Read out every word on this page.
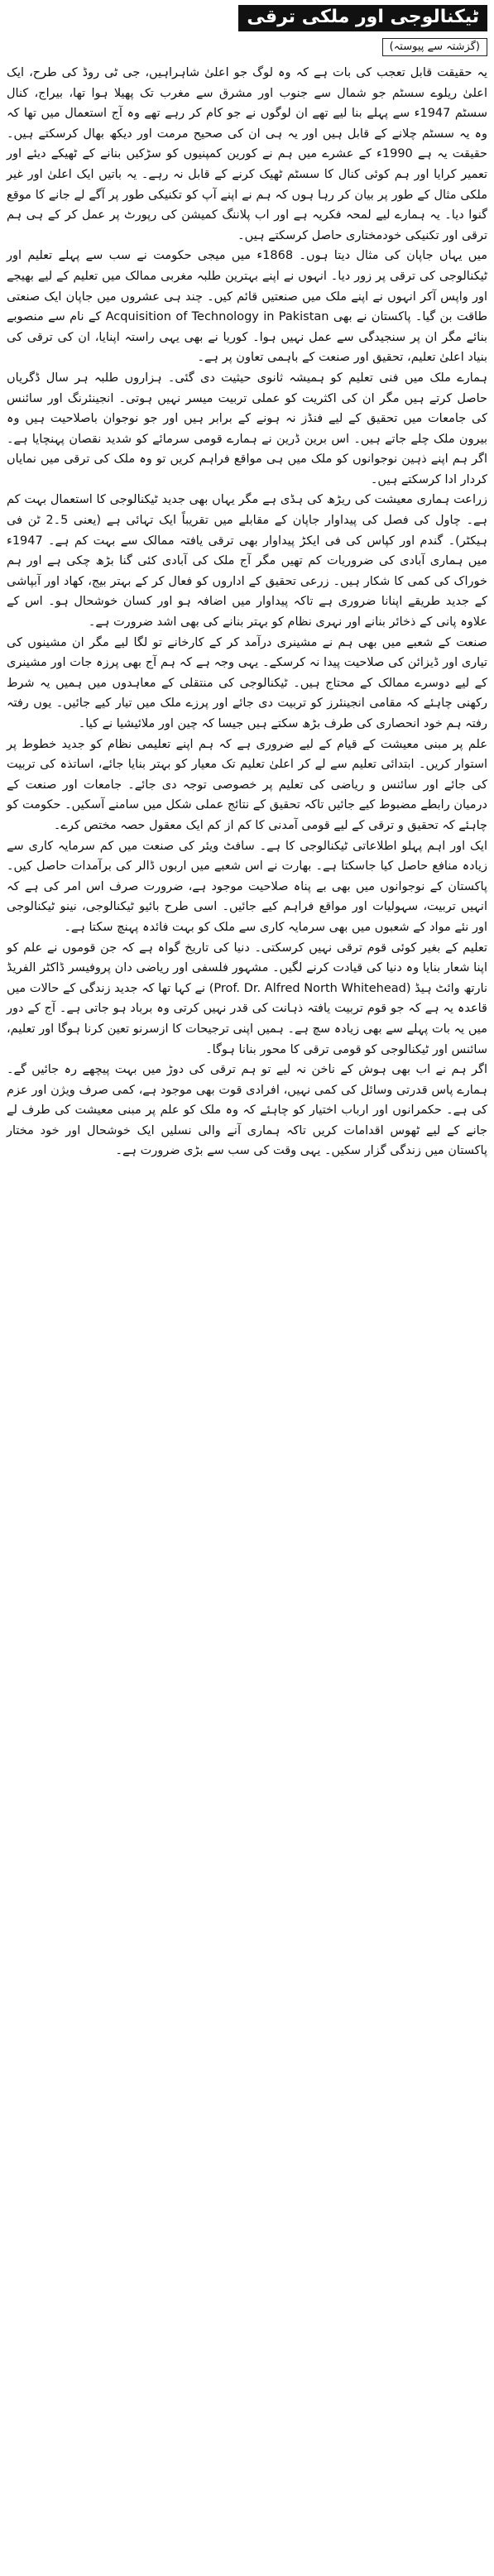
ٹیکنالوجی اور ملکی ترقی
(گزشتہ سے پیوستہ)

یہ حقیقت قابل تعجب کی بات ہے کہ وہ لوگ جو اعلیٰ شاہراہیں، جی ٹی روڈ کی طرح، ایک اعلیٰ ریلوے سسٹم جو شمال سے جنوب اور مشرق سے مغرب تک پھیلا ہوا تھا، بیراج، کنال سسٹم 1947ء سے پہلے بنا لیے تھے ان لوگوں نے جو کام کر رہے تھے وہ آج استعمال میں تھا کہ وہ یہ سسٹم چلانے کے قابل ہیں اور یہ ہی ان کی صحیح مرمت اور دیکھ بھال کرسکتے ہیں۔ حقیقت یہ ہے 1990ء کے عشرے میں ہم نے کورین کمپنیوں کو سڑکیں بنانے کے ٹھیکے دیئے اور تعمیر کرایا اور ہم کوئی کنال کا سسٹم ٹھیک کرنے کے قابل نہ رہے۔ یہ باتیں ایک اعلیٰ اور غیر ملکی مثال کے طور پر بیان کر رہا ہوں کہ ہم نے اپنے آپ کو تکنیکی طور پر آگے لے جانے کا موقع گنوا دیا۔ یہ ہمارے لیے لمحہ فکریہ ہے اور اب پلاننگ کمیشن کی رپورٹ پر عمل کر کے ہی ہم ترقی اور تکنیکی خودمختاری حاصل کرسکتے ہیں۔

میں یہاں جاپان کی مثال دیتا ہوں۔ 1868ء میں میجی حکومت نے سب سے پہلے تعلیم اور ٹیکنالوجی کی ترقی پر زور دیا۔ انہوں نے اپنے بہترین طلبہ مغربی ممالک میں تعلیم کے لیے بھیجے اور واپس آکر انہوں نے اپنے ملک میں صنعتیں قائم کیں۔ چند ہی عشروں میں جاپان ایک صنعتی طاقت بن گیا۔ پاکستان نے بھی Acquisition of Technology in Pakistan کے نام سے منصوبے بنائے مگر ان پر سنجیدگی سے عمل نہیں ہوا۔ کوریا نے بھی یہی راستہ اپنایا، ان کی ترقی کی بنیاد اعلیٰ تعلیم، تحقیق اور صنعت کے باہمی تعاون پر ہے۔

ہمارے ملک میں فنی تعلیم کو ہمیشہ ثانوی حیثیت دی گئی۔ ہزاروں طلبہ ہر سال ڈگریاں حاصل کرتے ہیں مگر ان کی اکثریت کو عملی تربیت میسر نہیں ہوتی۔ انجینئرنگ اور سائنس کی جامعات میں تحقیق کے لیے فنڈز نہ ہونے کے برابر ہیں اور جو نوجوان باصلاحیت ہیں وہ بیرون ملک چلے جاتے ہیں۔ اس برین ڈرین نے ہمارے قومی سرمائے کو شدید نقصان پہنچایا ہے۔ اگر ہم اپنے ذہین نوجوانوں کو ملک میں ہی مواقع فراہم کریں تو وہ ملک کی ترقی میں نمایاں کردار ادا کرسکتے ہیں۔

زراعت ہماری معیشت کی ریڑھ کی ہڈی ہے مگر یہاں بھی جدید ٹیکنالوجی کا استعمال بہت کم ہے۔ چاول کی فصل کی پیداوار جاپان کے مقابلے میں تقریباً ایک تہائی ہے (یعنی 5۔2 ٹن فی ہیکٹر)۔ گندم اور کپاس کی فی ایکڑ پیداوار بھی ترقی یافتہ ممالک سے بہت کم ہے۔ 1947ء میں ہماری آبادی کی ضروریات کم تھیں مگر آج ملک کی آبادی کئی گنا بڑھ چکی ہے اور ہم خوراک کی کمی کا شکار ہیں۔ زرعی تحقیق کے اداروں کو فعال کر کے بہتر بیج، کھاد اور آبپاشی کے جدید طریقے اپنانا ضروری ہے تاکہ پیداوار میں اضافہ ہو اور کسان خوشحال ہو۔ اس کے علاوہ پانی کے ذخائر بنانے اور نہری نظام کو بہتر بنانے کی بھی اشد ضرورت ہے۔

صنعت کے شعبے میں بھی ہم نے مشینری درآمد کر کے کارخانے تو لگا لیے مگر ان مشینوں کی تیاری اور ڈیزائن کی صلاحیت پیدا نہ کرسکے۔ یہی وجہ ہے کہ ہم آج بھی پرزہ جات اور مشینری کے لیے دوسرے ممالک کے محتاج ہیں۔ ٹیکنالوجی کی منتقلی کے معاہدوں میں ہمیں یہ شرط رکھنی چاہئے کہ مقامی انجینئرز کو تربیت دی جائے اور پرزے ملک میں تیار کیے جائیں۔ یوں رفتہ رفتہ ہم خود انحصاری کی طرف بڑھ سکتے ہیں جیسا کہ چین اور ملائیشیا نے کیا۔

علم پر مبنی معیشت کے قیام کے لیے ضروری ہے کہ ہم اپنے تعلیمی نظام کو جدید خطوط پر استوار کریں۔ ابتدائی تعلیم سے لے کر اعلیٰ تعلیم تک معیار کو بہتر بنایا جائے، اساتذہ کی تربیت کی جائے اور سائنس و ریاضی کی تعلیم پر خصوصی توجہ دی جائے۔ جامعات اور صنعت کے درمیان رابطے مضبوط کیے جائیں تاکہ تحقیق کے نتائج عملی شکل میں سامنے آسکیں۔ حکومت کو چاہئے کہ تحقیق و ترقی کے لیے قومی آمدنی کا کم از کم ایک معقول حصہ مختص کرے۔

ایک اور اہم پہلو اطلاعاتی ٹیکنالوجی کا ہے۔ سافٹ ویئر کی صنعت میں کم سرمایہ کاری سے زیادہ منافع حاصل کیا جاسکتا ہے۔ بھارت نے اس شعبے میں اربوں ڈالر کی برآمدات حاصل کیں۔ پاکستان کے نوجوانوں میں بھی بے پناہ صلاحیت موجود ہے، ضرورت صرف اس امر کی ہے کہ انہیں تربیت، سہولیات اور مواقع فراہم کیے جائیں۔ اسی طرح بائیو ٹیکنالوجی، نینو ٹیکنالوجی اور نئے مواد کے شعبوں میں بھی سرمایہ کاری سے ملک کو بہت فائدہ پہنچ سکتا ہے۔

تعلیم کے بغیر کوئی قوم ترقی نہیں کرسکتی۔ دنیا کی تاریخ گواہ ہے کہ جن قوموں نے علم کو اپنا شعار بنایا وہ دنیا کی قیادت کرنے لگیں۔ مشہور فلسفی اور ریاضی دان پروفیسر ڈاکٹر الفریڈ نارتھ وائٹ ہیڈ (Prof. Dr. Alfred North Whitehead) نے کہا تھا کہ جدید زندگی کے حالات میں قاعدہ یہ ہے کہ جو قوم تربیت یافتہ ذہانت کی قدر نہیں کرتی وہ برباد ہو جاتی ہے۔ آج کے دور میں یہ بات پہلے سے بھی زیادہ سچ ہے۔ ہمیں اپنی ترجیحات کا ازسرنو تعین کرنا ہوگا اور تعلیم، سائنس اور ٹیکنالوجی کو قومی ترقی کا محور بنانا ہوگا۔

اگر ہم نے اب بھی ہوش کے ناخن نہ لیے تو ہم ترقی کی دوڑ میں بہت پیچھے رہ جائیں گے۔ ہمارے پاس قدرتی وسائل کی کمی نہیں، افرادی قوت بھی موجود ہے، کمی صرف ویژن اور عزم کی ہے۔ حکمرانوں اور ارباب اختیار کو چاہئے کہ وہ ملک کو علم پر مبنی معیشت کی طرف لے جانے کے لیے ٹھوس اقدامات کریں تاکہ ہماری آنے والی نسلیں ایک خوشحال اور خود مختار پاکستان میں زندگی گزار سکیں۔ یہی وقت کی سب سے بڑی ضرورت ہے۔
